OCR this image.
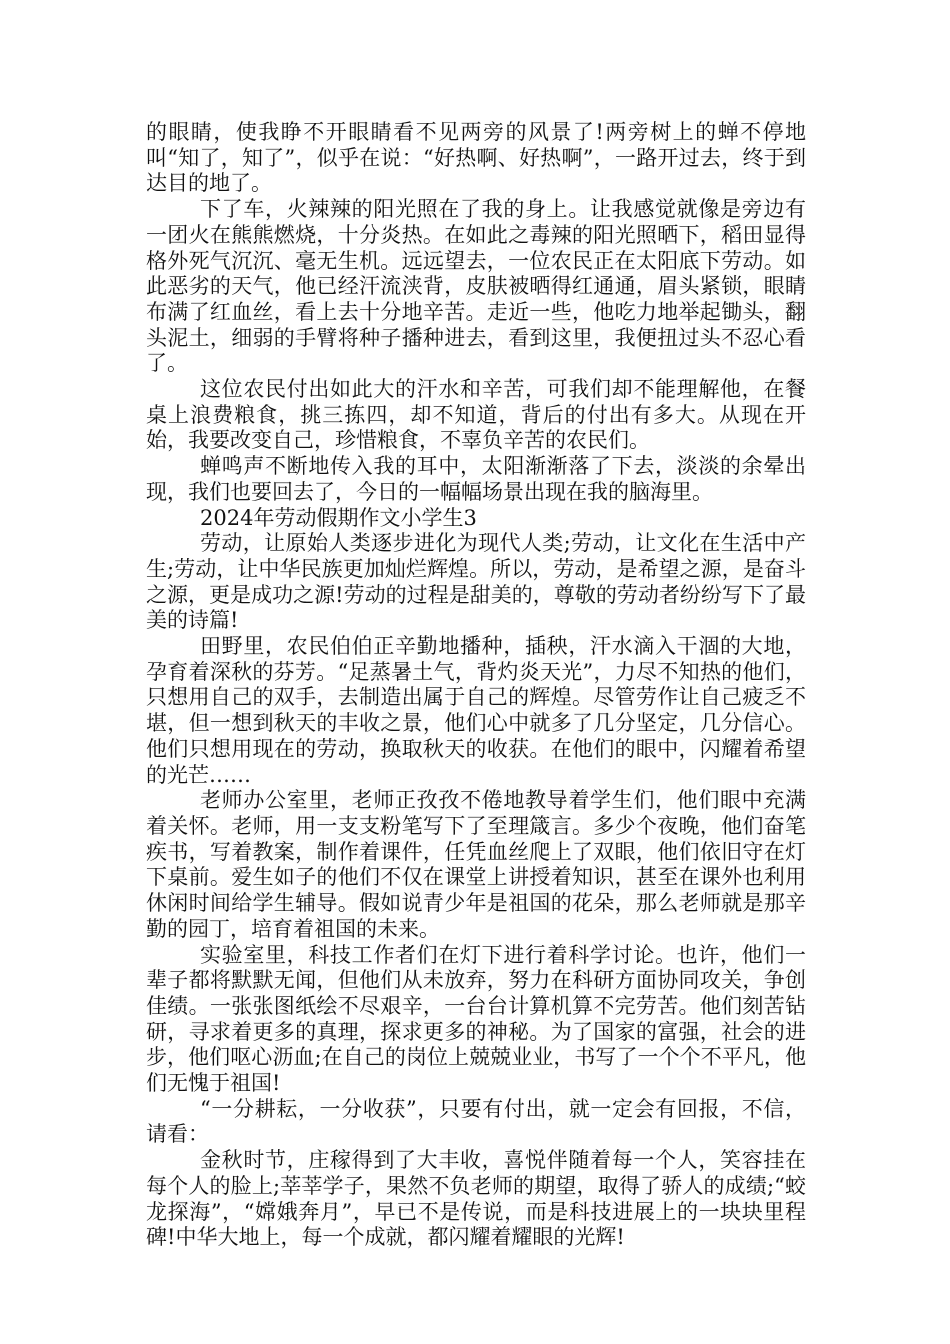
的眼睛，使我睁不开眼睛看不见两旁的风景了!两旁树上的蝉不停地叫“知了，知了”，似乎在说：“好热啊、好热啊”，一路开过去，终于到达目的地了。

下了车，火辣辣的阳光照在了我的身上。让我感觉就像是旁边有一团火在熊熊燃烧，十分炎热。在如此之毒辣的阳光照晒下，稻田显得格外死气沉沉、毫无生机。远远望去，一位农民正在太阳底下劳动。如此恶劣的天气，他已经汗流浃背，皮肤被晒得红通通，眉头紧锁，眼睛布满了红血丝，看上去十分地辛苦。走近一些，他吃力地举起锄头，翻头泥土，细弱的手臂将种子播种进去，看到这里，我便扭过头不忍心看了。

这位农民付出如此大的汗水和辛苦，可我们却不能理解他，在餐桌上浪费粮食，挑三拣四，却不知道，背后的付出有多大。从现在开始，我要改变自己，珍惜粮食，不辜负辛苦的农民们。

蝉鸣声不断地传入我的耳中，太阳渐渐落了下去，淡淡的余晕出现，我们也要回去了，今日的一幅幅场景出现在我的脑海里。

2024年劳动假期作文小学生3

劳动，让原始人类逐步进化为现代人类;劳动，让文化在生活中产生;劳动，让中华民族更加灿烂辉煌。所以，劳动，是希望之源，是奋斗之源，更是成功之源!劳动的过程是甜美的，尊敬的劳动者纷纷写下了最美的诗篇!

田野里，农民伯伯正辛勤地播种，插秧，汗水滴入干涸的大地，孕育着深秋的芬芳。“足蒸暑土气，背灼炎天光”，力尽不知热的他们，只想用自己的双手，去制造出属于自己的辉煌。尽管劳作让自己疲乏不堪，但一想到秋天的丰收之景，他们心中就多了几分坚定，几分信心。他们只想用现在的劳动，换取秋天的收获。在他们的眼中，闪耀着希望的光芒……

老师办公室里，老师正孜孜不倦地教导着学生们，他们眼中充满着关怀。老师，用一支支粉笔写下了至理箴言。多少个夜晚，他们奋笔疾书，写着教案，制作着课件，任凭血丝爬上了双眼，他们依旧守在灯下桌前。爱生如子的他们不仅在课堂上讲授着知识，甚至在课外也利用休闲时间给学生辅导。假如说青少年是祖国的花朵，那么老师就是那辛勤的园丁，培育着祖国的未来。

实验室里，科技工作者们在灯下进行着科学讨论。也许，他们一辈子都将默默无闻，但他们从未放弃，努力在科研方面协同攻关，争创佳绩。一张张图纸绘不尽艰辛，一台台计算机算不完劳苦。他们刻苦钻研，寻求着更多的真理，探求更多的神秘。为了国家的富强，社会的进步，他们呕心沥血;在自己的岗位上兢兢业业，书写了一个个不平凡，他们无愧于祖国!

“一分耕耘，一分收获”，只要有付出，就一定会有回报，不信，请看：

金秋时节，庄稼得到了大丰收，喜悦伴随着每一个人，笑容挂在每个人的脸上;莘莘学子，果然不负老师的期望，取得了骄人的成绩;“蛟龙探海”，“嫦娥奔月”，早已不是传说，而是科技进展上的一块块里程碑!中华大地上，每一个成就，都闪耀着耀眼的光辉!
